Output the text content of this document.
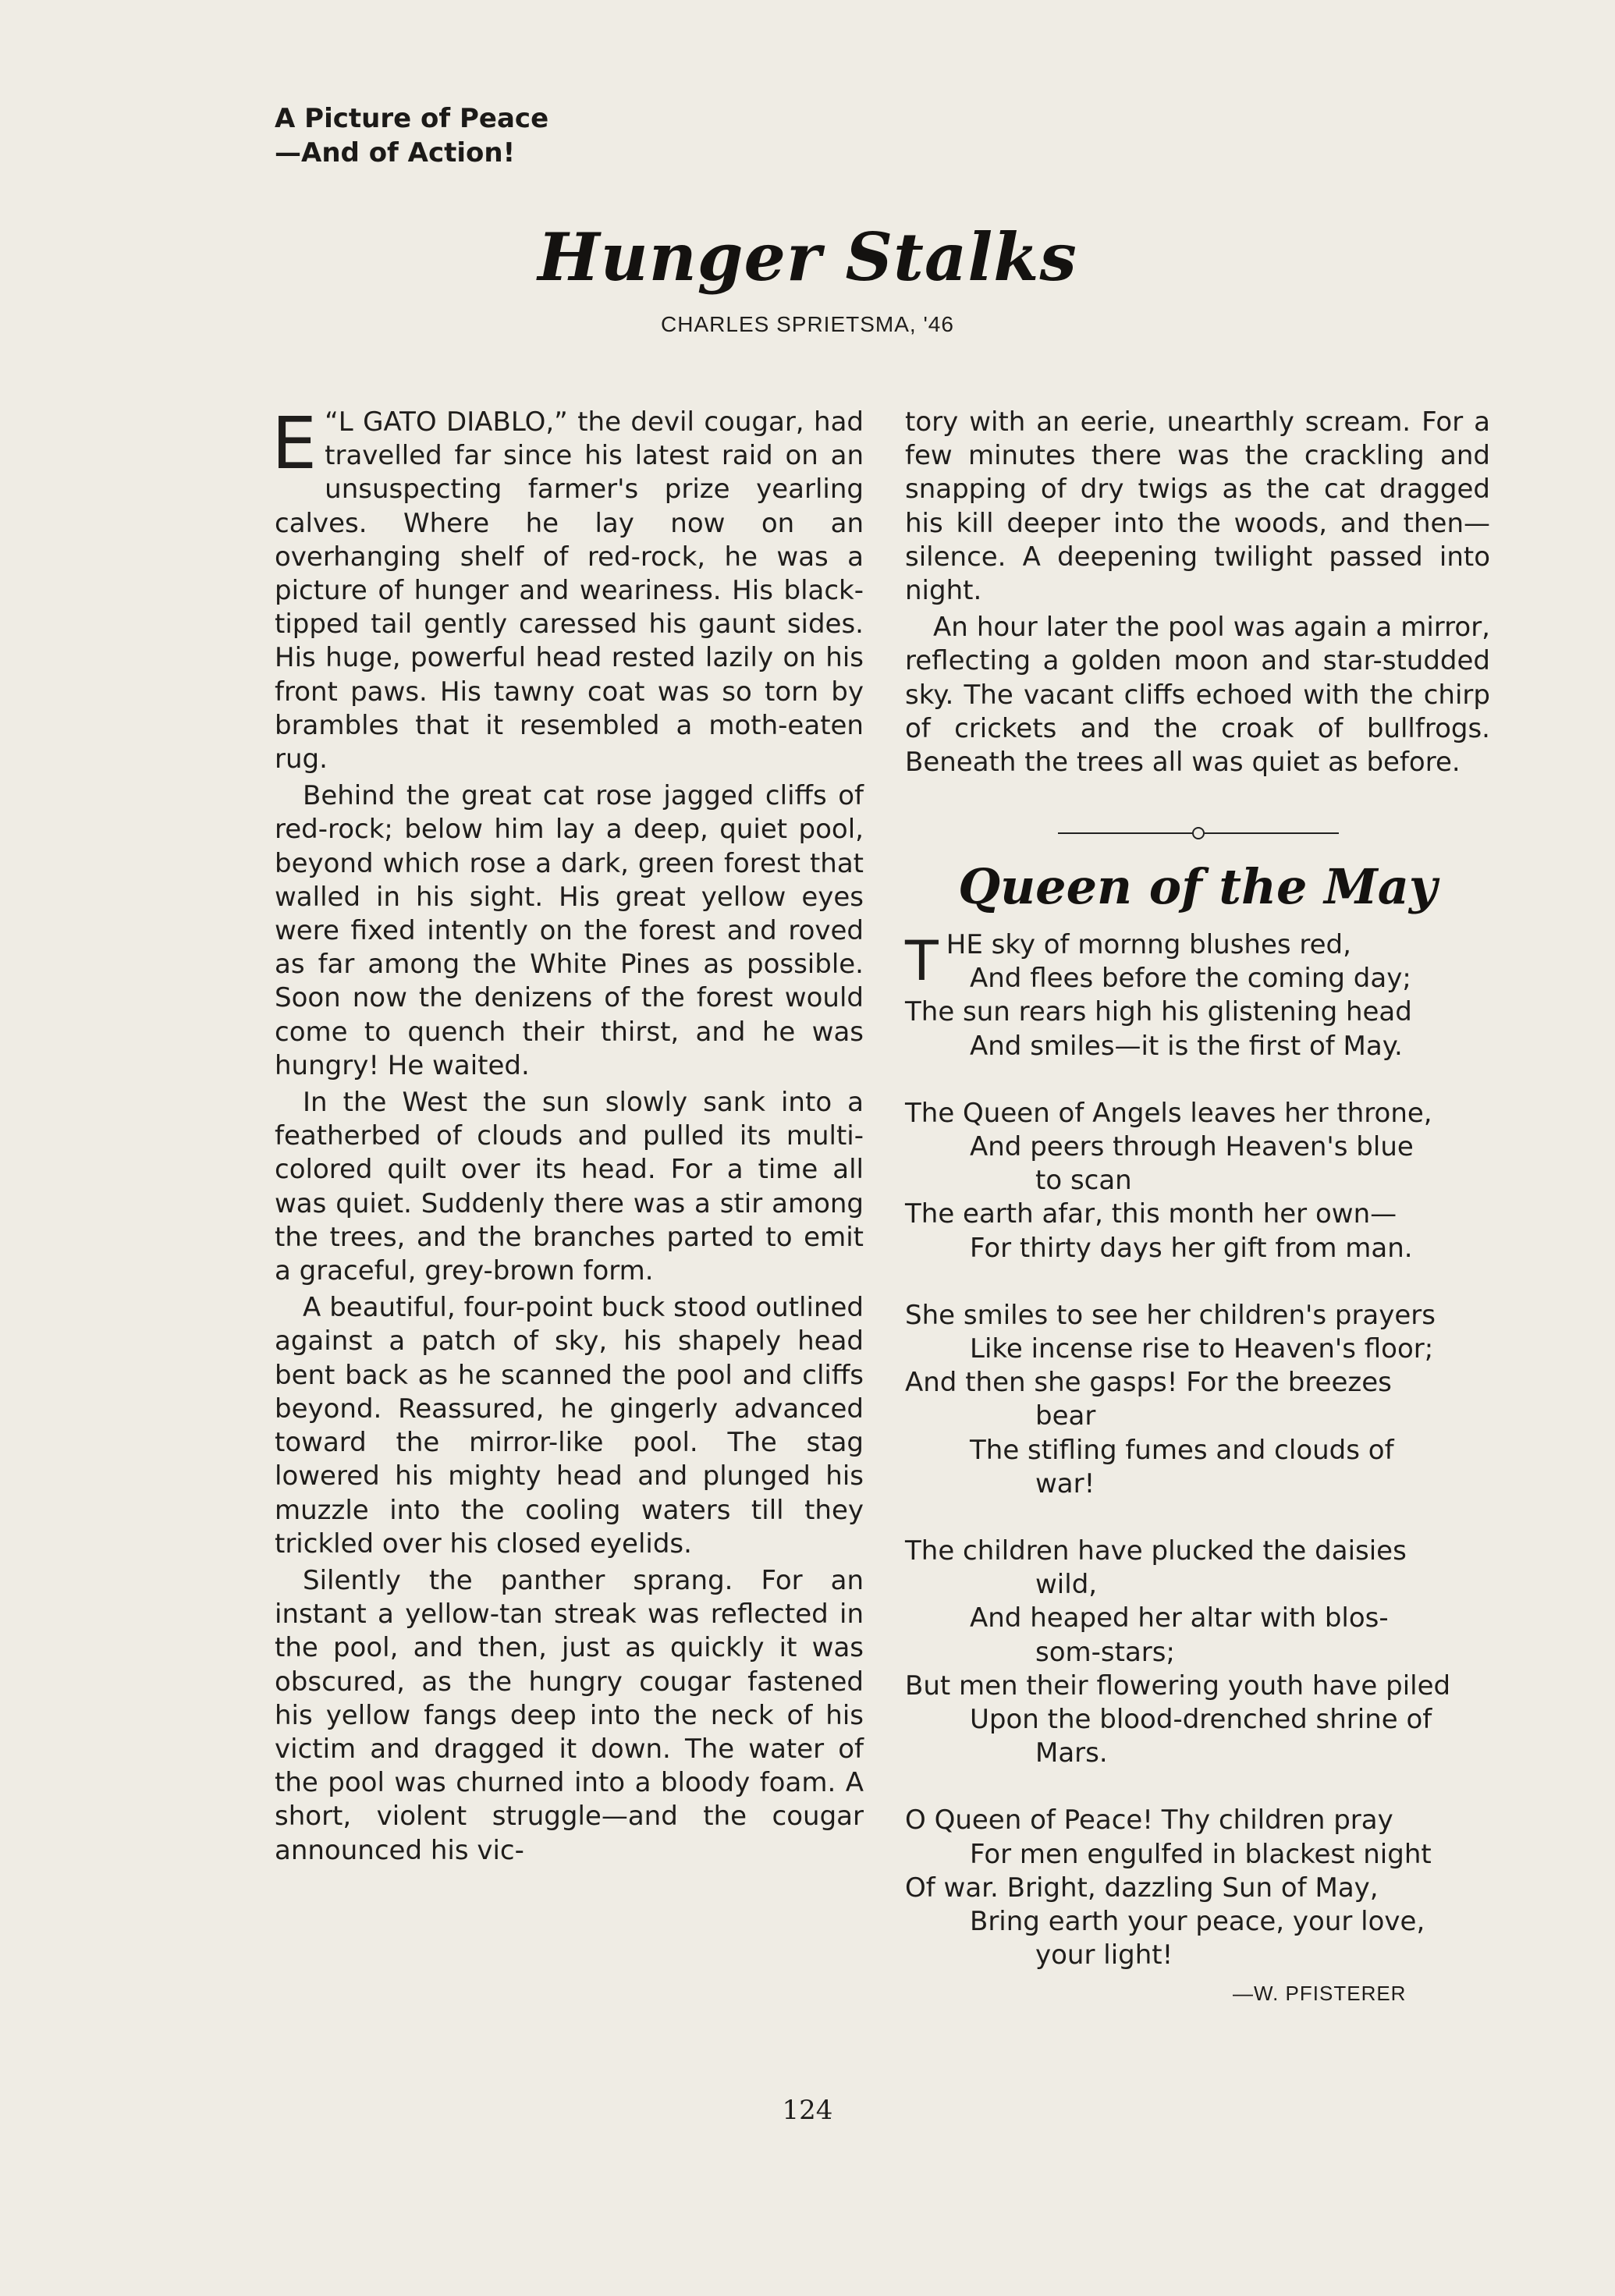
A Picture of Peace
—And of Action!
Hunger Stalks
CHARLES SPRIETSMA, '46

“
E L GATO DIABLO,” the devil cougar, had travelled far since his latest raid on an unsuspecting farmer's prize yearling calves. Where he lay now on an overhanging shelf of red-rock, he was a picture of hunger and weariness. His black-tipped tail gently caressed his gaunt sides. His huge, powerful head rested lazily on his front paws. His tawny coat was so torn by brambles that it resembled a moth-eaten rug.

Behind the great cat rose jagged cliffs of red-rock; below him lay a deep, quiet pool, beyond which rose a dark, green forest that walled in his sight. His great yellow eyes were fixed intently on the forest and roved as far among the White Pines as possible. Soon now the denizens of the forest would come to quench their thirst, and he was hungry! He waited.

In the West the sun slowly sank into a featherbed of clouds and pulled its multi-colored quilt over its head. For a time all was quiet. Suddenly there was a stir among the trees, and the branches parted to emit a graceful, grey-brown form.

A beautiful, four-point buck stood outlined against a patch of sky, his shapely head bent back as he scanned the pool and cliffs beyond. Reassured, he gingerly advanced toward the mirror-like pool. The stag lowered his mighty head and plunged his muzzle into the cooling waters till they trickled over his closed eyelids.

Silently the panther sprang. For an instant a yellow-tan streak was reflected in the pool, and then, just as quickly it was obscured, as the hungry cougar fastened his yellow fangs deep into the neck of his victim and dragged it down. The water of the pool was churned into a bloody foam. A short, violent struggle—and the cougar announced his vic-

tory with an eerie, unearthly scream. For a few minutes there was the crackling and snapping of dry twigs as the cat dragged his kill deeper into the woods, and then—silence. A deepening twilight passed into night.

An hour later the pool was again a mirror, reflecting a golden moon and star-studded sky. The vacant cliffs echoed with the chirp of crickets and the croak of bullfrogs. Beneath the trees all was quiet as before.

Queen of the May
THE sky of mornng blushes red,
And flees before the coming day;
The sun rears high his glistening head
And smiles—it is the first of May.
The Queen of Angels leaves her throne,
And peers through Heaven's blue
to scan
The earth afar, this month her own—
For thirty days her gift from man.
She smiles to see her children's prayers
Like incense rise to Heaven's floor;
And then she gasps! For the breezes
bear
The stifling fumes and clouds of
war!
The children have plucked the daisies
wild,
And heaped her altar with blos-
som-stars;
But men their flowering youth have piled
Upon the blood-drenched shrine of
Mars.
O Queen of Peace! Thy children pray
For men engulfed in blackest night
Of war. Bright, dazzling Sun of May,
Bring earth your peace, your love,
your light!
—W. PFISTERER
124
